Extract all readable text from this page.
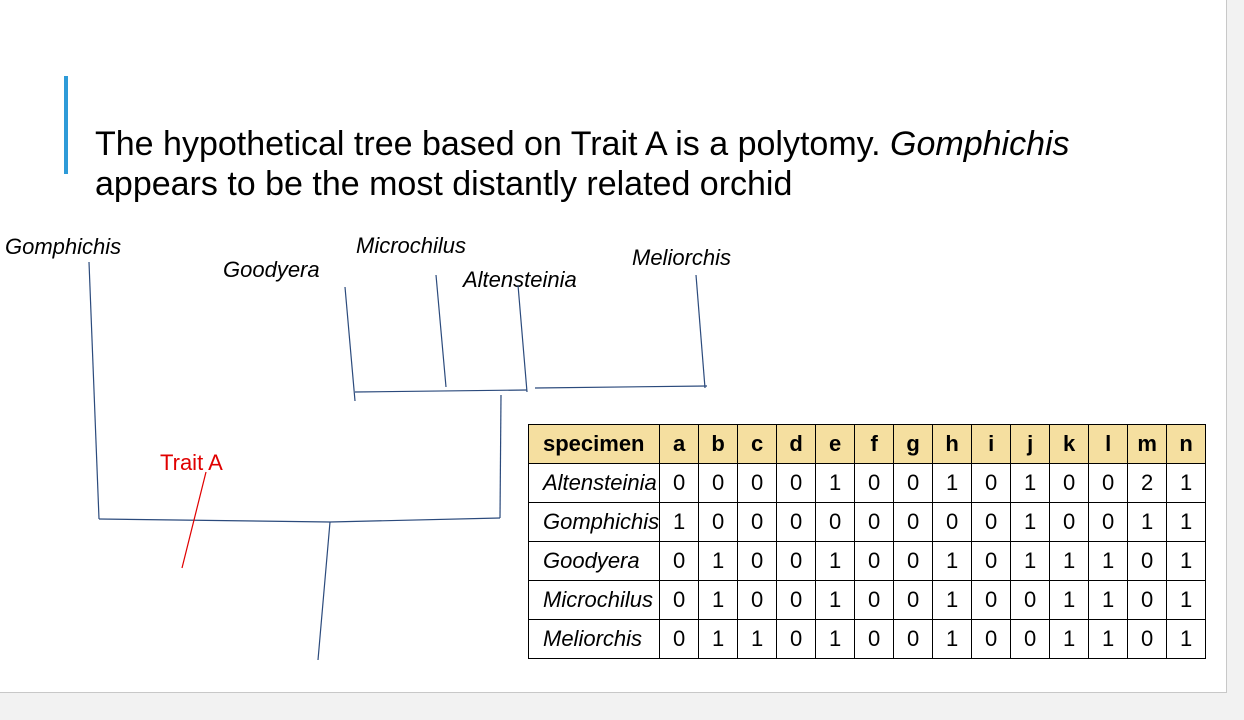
The hypothetical tree based on Trait A is a polytomy. Gomphichis appears to be the most distantly related orchid
Gomphichis
Goodyera
Microchilus
Altensteinia
Meliorchis
Trait A
specimen	a	b	c	d	e	f	g	h	i	j	k	l	m	n
Altensteinia	0	0	0	0	1	0	0	1	0	1	0	0	2	1
Gomphichis	1	0	0	0	0	0	0	0	0	1	0	0	1	1
Goodyera	0	1	0	0	1	0	0	1	0	1	1	1	0	1
Microchilus	0	1	0	0	1	0	0	1	0	0	1	1	0	1
Meliorchis	0	1	1	0	1	0	0	1	0	0	1	1	0	1
